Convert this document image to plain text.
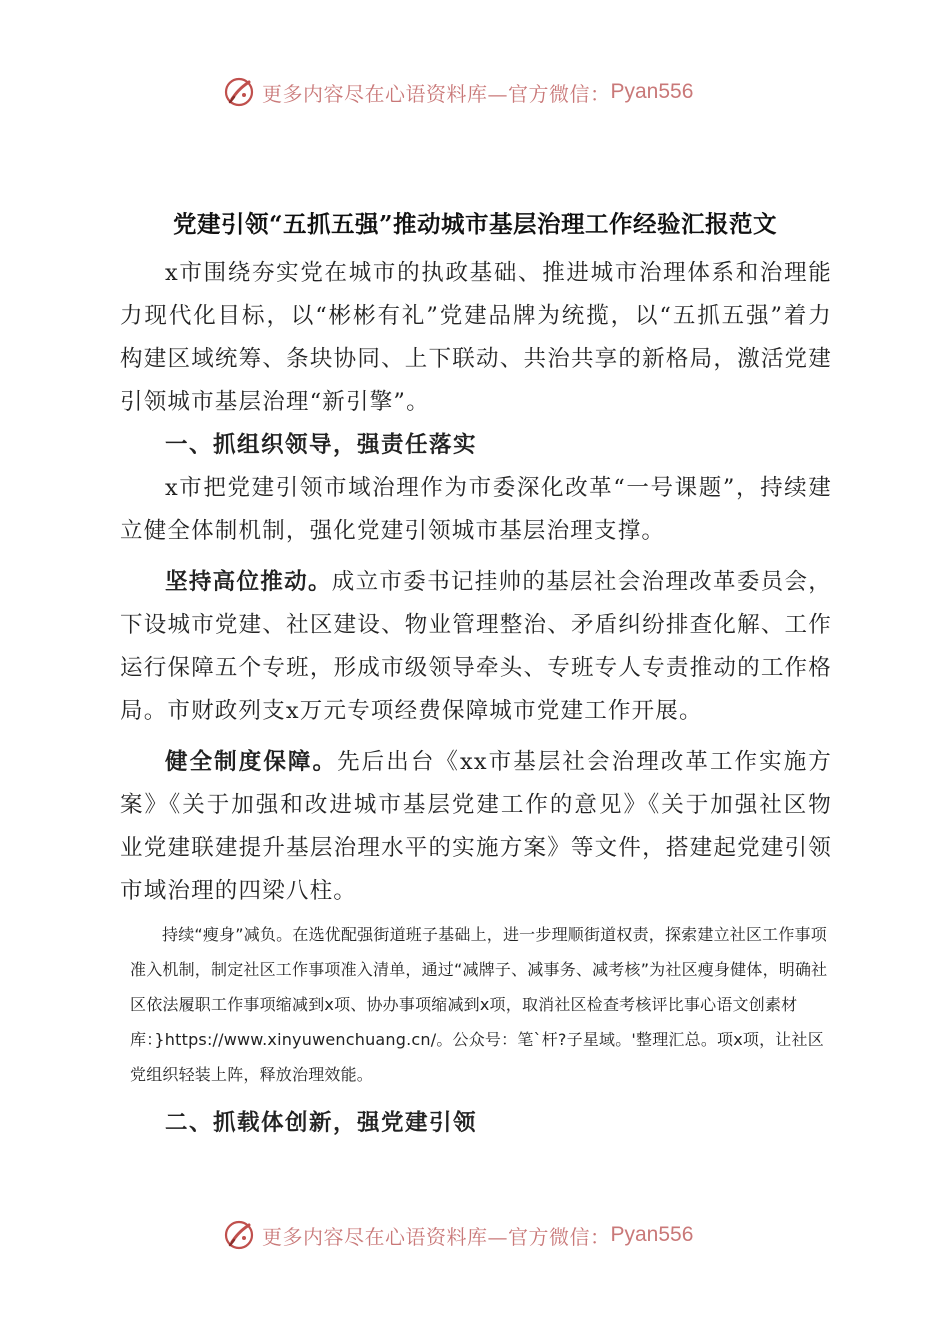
更多内容尽在心语资料库—官方微信： Pyan556
党建引领“五抓五强”推动城市基层治理工作经验汇报范文

x市围绕夯实党在城市的执政基础、推进城市治理体系和治理能力现代化目标，以“彬彬有礼”党建品牌为统揽，以“五抓五强”着力构建区域统筹、条块协同、上下联动、共治共享的新格局，激活党建引领城市基层治理“新引擎”。

一、抓组织领导，强责任落实

x市把党建引领市域治理作为市委深化改革“一号课题”，持续建立健全体制机制，强化党建引领城市基层治理支撑。

坚持高位推动。成立市委书记挂帅的基层社会治理改革委员会，下设城市党建、社区建设、物业管理整治、矛盾纠纷排查化解、工作运行保障五个专班，形成市级领导牵头、专班专人专责推动的工作格局。市财政列支x万元专项经费保障城市党建工作开展。

健全制度保障。先后出台《xx市基层社会治理改革工作实施方案》《关于加强和改进城市基层党建工作的意见》《关于加强社区物业党建联建提升基层治理水平的实施方案》等文件，搭建起党建引领市域治理的四梁八柱。

持续“瘦身”减负。在选优配强街道班子基础上，进一步理顺街道权责，探索建立社区工作事项准入机制，制定社区工作事项准入清单，通过“减牌子、减事务、减考核”为社区瘦身健体，明确社区依法履职工作事项缩减到x项、协办事项缩减到x项，取消社区检查考核评比事心语文创素材库：}https://www.xinyuwenchuang.cn/。公众号：笔`杆?子星域。'整理汇总。项x项，让社区党组织轻装上阵，释放治理效能。

二、抓载体创新，强党建引领

更多内容尽在心语资料库—官方微信： Pyan556
